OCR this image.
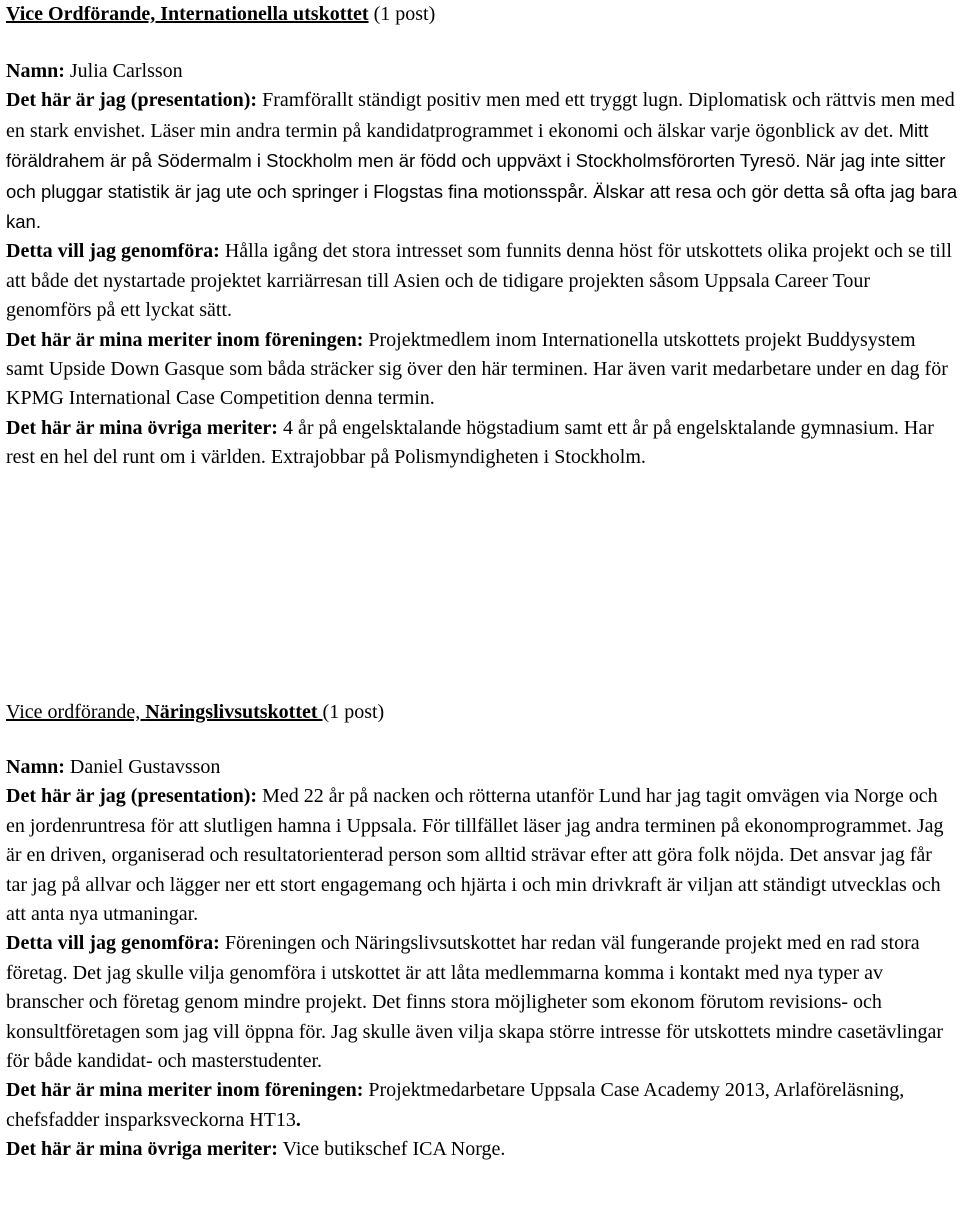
Vice Ordförande, Internationella utskottet (1 post)

Namn: Julia Carlsson

Det här är jag (presentation): Framförallt ständigt positiv men med ett tryggt lugn. Diplomatisk och rättvis men med en stark envishet. Läser min andra termin på kandidatprogrammet i ekonomi och älskar varje ögonblick av det. Mitt föräldrahem är på Södermalm i Stockholm men är född och uppväxt i Stockholmsförorten Tyresö. När jag inte sitter och pluggar statistik är jag ute och springer i Flogstas fina motionsspår. Älskar att resa och gör detta så ofta jag bara kan.

Detta vill jag genomföra: Hålla igång det stora intresset som funnits denna höst för utskottets olika projekt och se till att både det nystartade projektet karriärresan till Asien och de tidigare projekten såsom Uppsala Career Tour genomförs på ett lyckat sätt.

Det här är mina meriter inom föreningen: Projektmedlem inom Internationella utskottets projekt Buddysystem samt Upside Down Gasque som båda sträcker sig över den här terminen. Har även varit medarbetare under en dag för KPMG International Case Competition denna termin.

Det här är mina övriga meriter: 4 år på engelsktalande högstadium samt ett år på engelsktalande gymnasium. Har rest en hel del runt om i världen. Extrajobbar på Polismyndigheten i Stockholm.

Vice ordförande, Näringslivsutskottet (1 post)

Namn: Daniel Gustavsson

Det här är jag (presentation): Med 22 år på nacken och rötterna utanför Lund har jag tagit omvägen via Norge och en jordenruntresa för att slutligen hamna i Uppsala. För tillfället läser jag andra terminen på ekonomprogrammet. Jag är en driven, organiserad och resultatorienterad person som alltid strävar efter att göra folk nöjda. Det ansvar jag får tar jag på allvar och lägger ner ett stort engagemang och hjärta i och min drivkraft är viljan att ständigt utvecklas och att anta nya utmaningar.

Detta vill jag genomföra: Föreningen och Näringslivsutskottet har redan väl fungerande projekt med en rad stora företag. Det jag skulle vilja genomföra i utskottet är att låta medlemmarna komma i kontakt med nya typer av branscher och företag genom mindre projekt. Det finns stora möjligheter som ekonom förutom revisions- och konsultföretagen som jag vill öppna för. Jag skulle även vilja skapa större intresse för utskottets mindre casetävlingar för både kandidat- och masterstudenter.

Det här är mina meriter inom föreningen: Projektmedarbetare Uppsala Case Academy 2013, Arlaföreläsning, chefsfadder insparksveckorna HT13.

Det här är mina övriga meriter: Vice butikschef ICA Norge.
